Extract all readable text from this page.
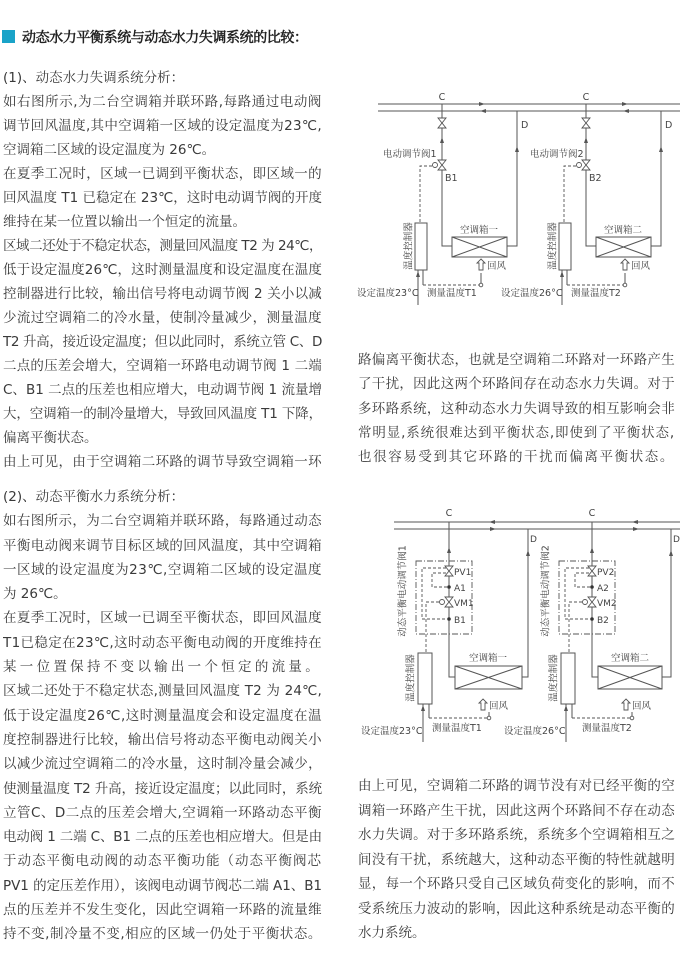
动态水力平衡系统与动态水力失调系统的比较：
(1)、动态水力失调系统分析：
如右图所示,为二台空调箱并联环路,每路通过电动阀
调节回风温度,其中空调箱一区域的设定温度为23℃,
空调箱二区域的设定温度为 26℃。
在夏季工况时，区域一已调到平衡状态，即区域一的
回风温度 T1 已稳定在 23℃，这时电动调节阀的开度
维持在某一位置以输出一个恒定的流量。
区域二还处于不稳定状态，测量回风温度 T2 为 24℃，
低于设定温度26℃，这时测量温度和设定温度在温度
控制器进行比较，输出信号将电动调节阀 2 关小以减
少流过空调箱二的冷水量，使制冷量减少，测量温度
T2 升高，接近设定温度；但以此同时，系统立管 C、D
二点的压差会增大，空调箱一环路电动调节阀 1 二端
C、B1 二点的压差也相应增大，电动调节阀 1 流量增
大，空调箱一的制冷量增大，导致回风温度 T1 下降，
偏离平衡状态。
由上可见，由于空调箱二环路的调节导致空调箱一环
路偏离平衡状态，也就是空调箱二环路对一环路产生
了干扰，因此这两个环路间存在动态水力失调。对于
多环路系统，这种动态水力失调导致的相互影响会非
常明显,系统很难达到平衡状态,即使到了平衡状态,
也很容易受到其它环路的干扰而偏离平衡状态。
(2)、动态平衡水力系统分析：
如右图所示，为二台空调箱并联环路，每路通过动态
平衡电动阀来调节目标区域的回风温度，其中空调箱
一区域的设定温度为23℃,空调箱二区域的设定温度
为 26℃。
在夏季工况时，区域一已调至平衡状态，即回风温度
T1已稳定在23℃,这时动态平衡电动阀的开度维持在
某一位置保持不变以输出一个恒定的流量。
区域二还处于不稳定状态,测量回风温度 T2 为 24℃,
低于设定温度26℃,这时测量温度会和设定温度在温
度控制器进行比较，输出信号将动态平衡电动阀关小
以减少流过空调箱二的冷水量，这时制冷量会减少，
使测量温度 T2 升高，接近设定温度；以此同时，系统
立管C、D二点的压差会增大,空调箱一环路动态平衡
电动阀 1 二端 C、B1 二点的压差也相应增大。但是由
于动态平衡电动阀的动态平衡功能（动态平衡阀芯
PV1 的定压差作用），该阀电动调节阀芯二端 A1、B1
点的压差并不发生变化，因此空调箱一环路的流量维
持不变,制冷量不变,相应的区域一仍处于平衡状态。
由上可见，空调箱二环路的调节没有对已经平衡的空
调箱一环路产生干扰，因此这两个环路间不存在动态
水力失调。对于多环路系统，系统多个空调箱相互之
间没有干扰，系统越大，这种动态平衡的特性就越明
显，每一个环路只受自己区域负荷变化的影响，而不
受系统压力波动的影响，因此这种系统是动态平衡的
水力系统。
C
电动调节阀1
B1
D
温度控制器	空调箱一
回风
设定温度23°C 测量温度T1
C
电动调节阀2
B2
D
温度控制器	空调箱二
回风
设定温度26°C 测量温度T2
C
动态平衡电动调节阀1	PV1
A1
VM1
B1
D
温度控制器	空调箱一
回风
设定温度23°C 测量温度T1
C
动态平衡电动调节阀2	PV2
A2
VM2
B2
D
温度控制器	空调箱二
回风
设定温度26°C 测量温度T2
